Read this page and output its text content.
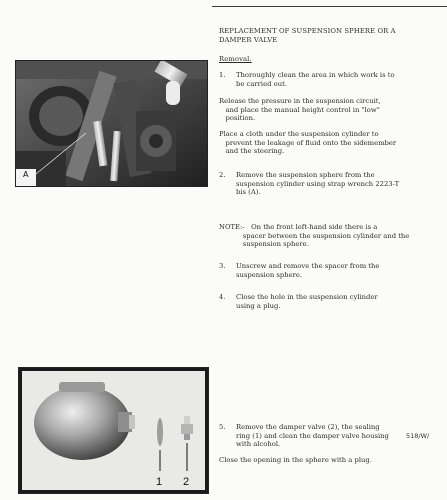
REPLACEMENT OF SUSPENSION SPHERE OR A
DAMPER VALVE
Removal.
1. Thoroughly clean the area in which work is to
be carried out.
Release the pressure in the suspension circuit,
and place the manual height control in "low"
position.
Place a cloth under the suspension cylinder to
prevent the leakage of fluid onto the sidemember
and the steering.
2. Remove the suspension sphere from the
suspension cylinder using strap wrench 2223-T
bis (A).
NOTE:-   On the front left-hand side there is a
spacer between the suspension cylinder and the
suspension sphere.
3. Unscrew and remove the spacer from the
suspension sphere.
4. Close the hole in the suspension cylinder
using a plug.
5. Remove the damper valve (2), the sealing
ring (1) and clean the damper valve housing
with alcohol.
Close the opening in the sphere with a plug.
518/W/
A
1 2
